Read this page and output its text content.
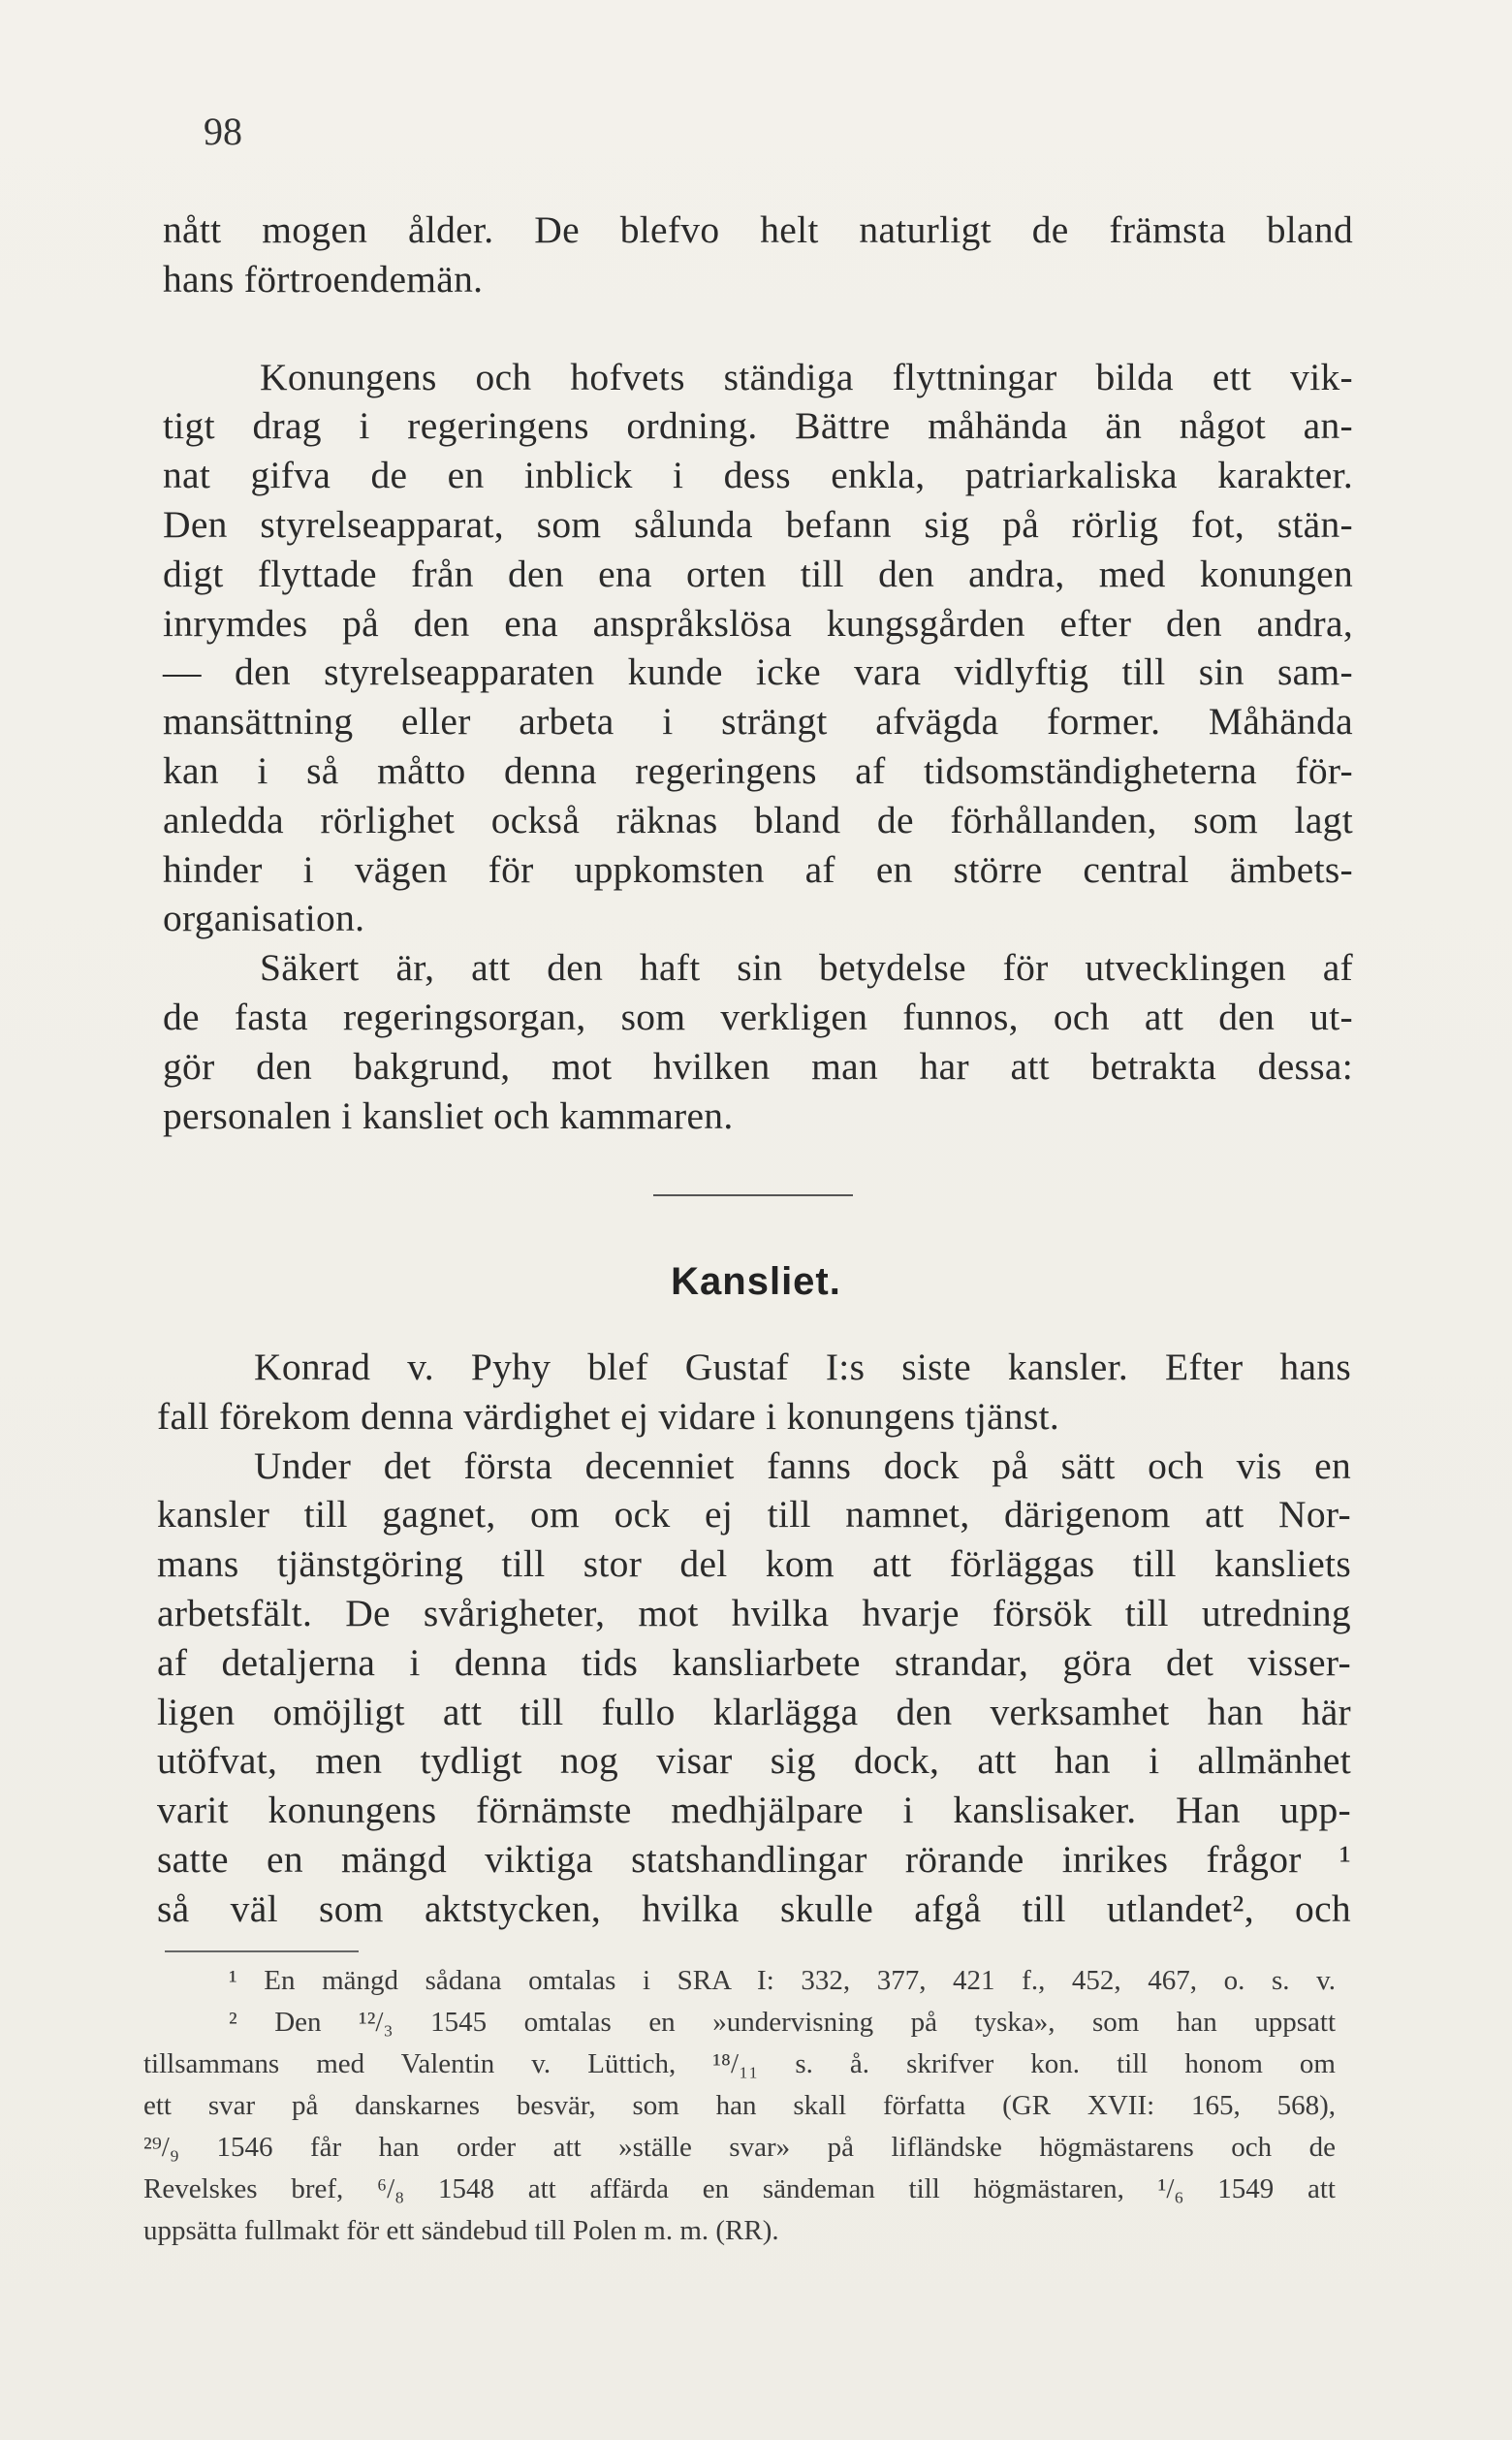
98
nått mogen ålder. De blefvo helt naturligt de främsta bland
hans förtroendemän.
Konungens och hofvets ständiga flyttningar bilda ett vik-
tigt drag i regeringens ordning. Bättre måhända än något an-
nat gifva de en inblick i dess enkla, patriarkaliska karakter.
Den styrelseapparat, som sålunda befann sig på rörlig fot, stän-
digt flyttade från den ena orten till den andra, med konungen
inrymdes på den ena anspråkslösa kungsgården efter den andra,
— den styrelseapparaten kunde icke vara vidlyftig till sin sam-
mansättning eller arbeta i strängt afvägda former. Måhända
kan i så måtto denna regeringens af tidsomständigheterna för-
anledda rörlighet också räknas bland de förhållanden, som lagt
hinder i vägen för uppkomsten af en större central ämbets-
organisation.
Säkert är, att den haft sin betydelse för utvecklingen af
de fasta regeringsorgan, som verkligen funnos, och att den ut-
gör den bakgrund, mot hvilken man har att betrakta dessa:
personalen i kansliet och kammaren.
Kansliet.
Konrad v. Pyhy blef Gustaf I:s siste kansler. Efter hans
fall förekom denna värdighet ej vidare i konungens tjänst.
Under det första decenniet fanns dock på sätt och vis en
kansler till gagnet, om ock ej till namnet, därigenom att Nor-
mans tjänstgöring till stor del kom att förläggas till kansliets
arbetsfält. De svårigheter, mot hvilka hvarje försök till utredning
af detaljerna i denna tids kansliarbete strandar, göra det visser-
ligen omöjligt att till fullo klarlägga den verksamhet han här
utöfvat, men tydligt nog visar sig dock, att han i allmänhet
varit konungens förnämste medhjälpare i kanslisaker. Han upp-
satte en mängd viktiga statshandlingar rörande inrikes frågor ¹
så väl som aktstycken, hvilka skulle afgå till utlandet², och
¹ En mängd sådana omtalas i SRA I: 332, 377, 421 f., 452, 467, o. s. v.
² Den ¹²/₃ 1545 omtalas en »undervisning på tyska», som han uppsatt
tillsammans med Valentin v. Lüttich, ¹⁸/₁₁ s. å. skrifver kon. till honom om
ett svar på danskarnes besvär, som han skall författa (GR XVII: 165, 568),
²⁹/₉ 1546 får han order att »ställe svar» på lifländske högmästarens och de
Revelskes bref, ⁶/₈ 1548 att affärda en sändeman till högmästaren, ¹/₆ 1549 att
uppsätta fullmakt för ett sändebud till Polen m. m. (RR).
